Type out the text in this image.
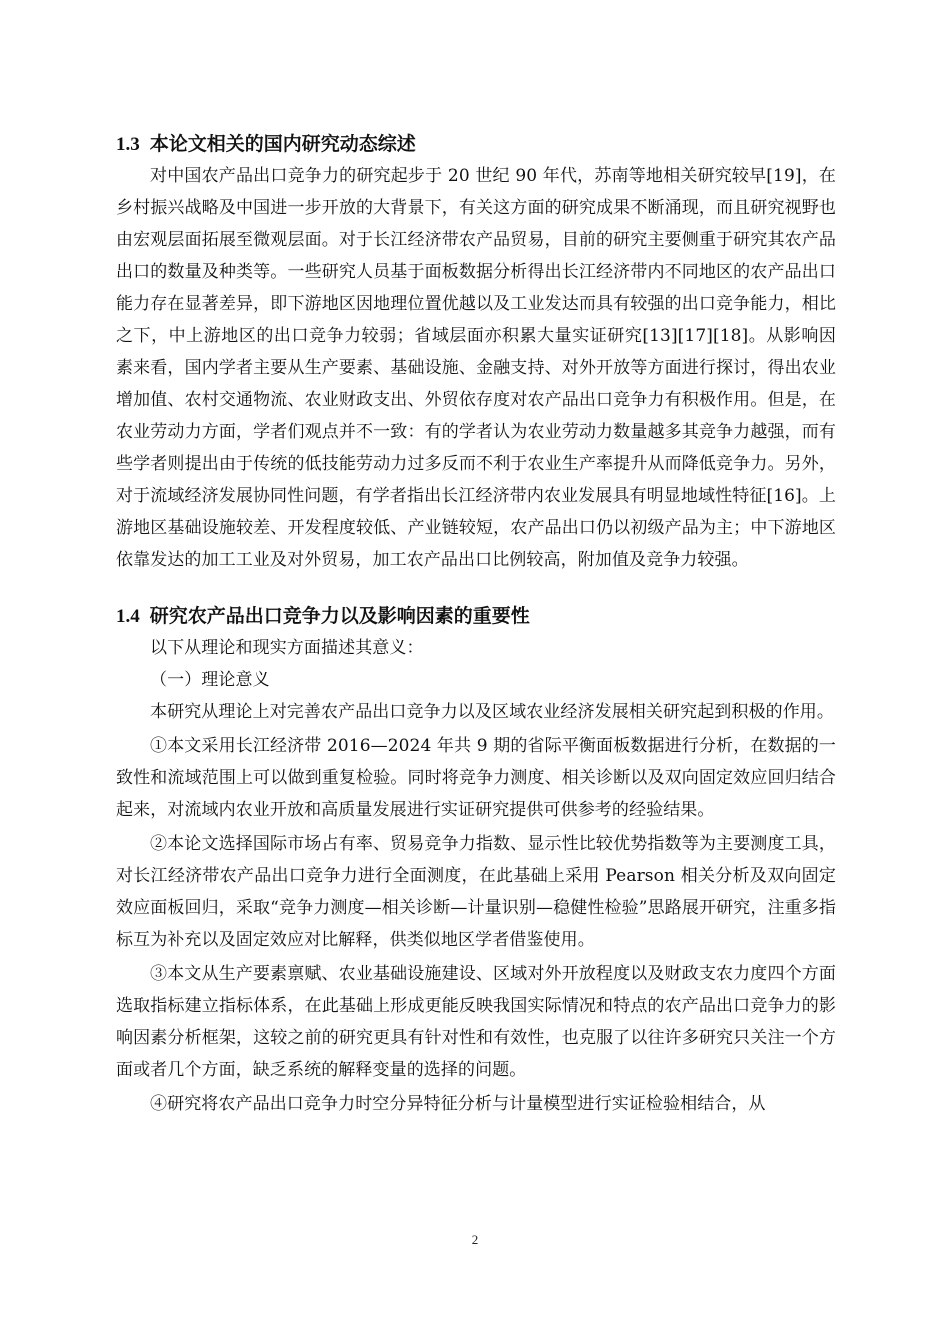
1.3 本论文相关的国内研究动态综述

对中国农产品出口竞争力的研究起步于 20 世纪 90 年代，苏南等地相关研究较早[19]，在乡村振兴战略及中国进一步开放的大背景下，有关这方面的研究成果不断涌现，而且研究视野也由宏观层面拓展至微观层面。对于长江经济带农产品贸易，目前的研究主要侧重于研究其农产品出口的数量及种类等。一些研究人员基于面板数据分析得出长江经济带内不同地区的农产品出口能力存在显著差异，即下游地区因地理位置优越以及工业发达而具有较强的出口竞争能力，相比之下，中上游地区的出口竞争力较弱；省域层面亦积累大量实证研究[13][17][18]。从影响因素来看，国内学者主要从生产要素、基础设施、金融支持、对外开放等方面进行探讨，得出农业增加值、农村交通物流、农业财政支出、外贸依存度对农产品出口竞争力有积极作用。但是，在农业劳动力方面，学者们观点并不一致：有的学者认为农业劳动力数量越多其竞争力越强，而有些学者则提出由于传统的低技能劳动力过多反而不利于农业生产率提升从而降低竞争力。另外，对于流域经济发展协同性问题，有学者指出长江经济带内农业发展具有明显地域性特征[16]。上游地区基础设施较差、开发程度较低、产业链较短，农产品出口仍以初级产品为主；中下游地区依靠发达的加工工业及对外贸易，加工农产品出口比例较高，附加值及竞争力较强。

1.4 研究农产品出口竞争力以及影响因素的重要性

以下从理论和现实方面描述其意义：

（一）理论意义

本研究从理论上对完善农产品出口竞争力以及区域农业经济发展相关研究起到积极的作用。

①本文采用长江经济带 2016—2024 年共 9 期的省际平衡面板数据进行分析，在数据的一致性和流域范围上可以做到重复检验。同时将竞争力测度、相关诊断以及双向固定效应回归结合起来，对流域内农业开放和高质量发展进行实证研究提供可供参考的经验结果。

②本论文选择国际市场占有率、贸易竞争力指数、显示性比较优势指数等为主要测度工具，对长江经济带农产品出口竞争力进行全面测度，在此基础上采用 Pearson 相关分析及双向固定效应面板回归，采取“竞争力测度—相关诊断—计量识别—稳健性检验”思路展开研究，注重多指标互为补充以及固定效应对比解释，供类似地区学者借鉴使用。

③本文从生产要素禀赋、农业基础设施建设、区域对外开放程度以及财政支农力度四个方面选取指标建立指标体系，在此基础上形成更能反映我国实际情况和特点的农产品出口竞争力的影响因素分析框架，这较之前的研究更具有针对性和有效性，也克服了以往许多研究只关注一个方面或者几个方面，缺乏系统的解释变量的选择的问题。

④研究将农产品出口竞争力时空分异特征分析与计量模型进行实证检验相结合，从

2
